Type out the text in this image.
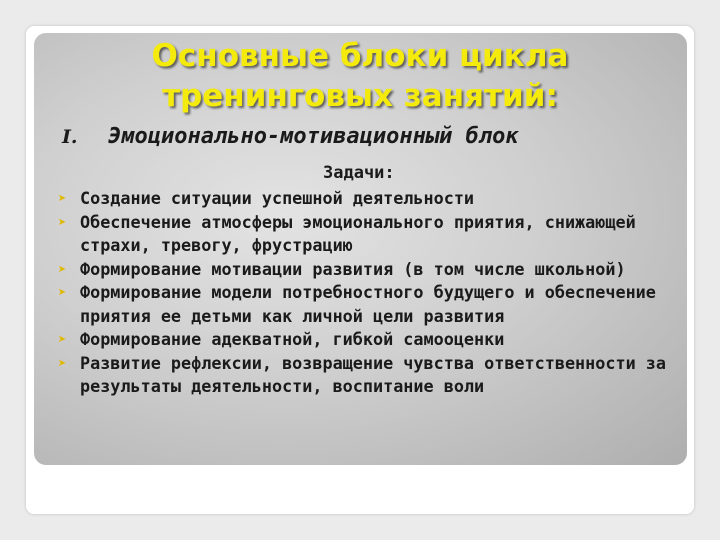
Основные блоки цикла
тренинговых занятий:
I. Эмоционально-мотивационный блок
Задачи:
➤ Создание ситуации успешной деятельности
➤ Обеспечение атмосферы эмоционального приятия, снижающей страхи, тревогу, фрустрацию
➤ Формирование мотивации развития (в том числе школьной)
➤ Формирование модели потребностного будущего и обеспечение приятия ее детьми как личной цели развития
➤ Формирование адекватной, гибкой самооценки
➤ Развитие рефлексии, возвращение чувства ответственности за результаты деятельности, воспитание воли
